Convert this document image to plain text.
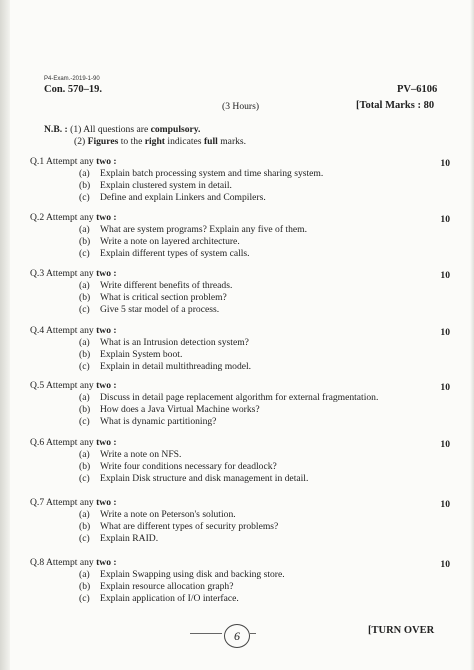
P4-Exam.-2019-1-90
Con. 570–19.	PV–6106
(3 Hours)	[Total Marks : 80
N.B. : (1) All questions are compulsory.
(2) Figures to the right indicates full marks.
Q.1 Attempt any two :	10
(a) Explain batch processing system and time sharing system.
(b) Explain clustered system in detail.
(c) Define and explain Linkers and Compilers.
Q.2 Attempt any two :	10
(a) What are system programs? Explain any five of them.
(b) Write a note on layered architecture.
(c) Explain different types of system calls.
Q.3 Attempt any two :	10
(a) Write different benefits of threads.
(b) What is critical section problem?
(c) Give 5 star model of a process.
Q.4 Attempt any two :	10
(a) What is an Intrusion detection system?
(b) Explain System boot.
(c) Explain in detail multithreading model.
Q.5 Attempt any two :	10
(a) Discuss in detail page replacement algorithm for external fragmentation.
(b) How does a Java Virtual Machine works?
(c) What is dynamic partitioning?
Q.6 Attempt any two :	10
(a) Write a note on NFS.
(b) Write four conditions necessary for deadlock?
(c) Explain Disk structure and disk management in detail.
Q.7 Attempt any two :	10
(a) Write a note on Peterson's solution.
(b) What are different types of security problems?
(c) Explain RAID.
Q.8 Attempt any two :	10
(a) Explain Swapping using disk and backing store.
(b) Explain resource allocation graph?
(c) Explain application of I/O interface.
6	[TURN OVER
